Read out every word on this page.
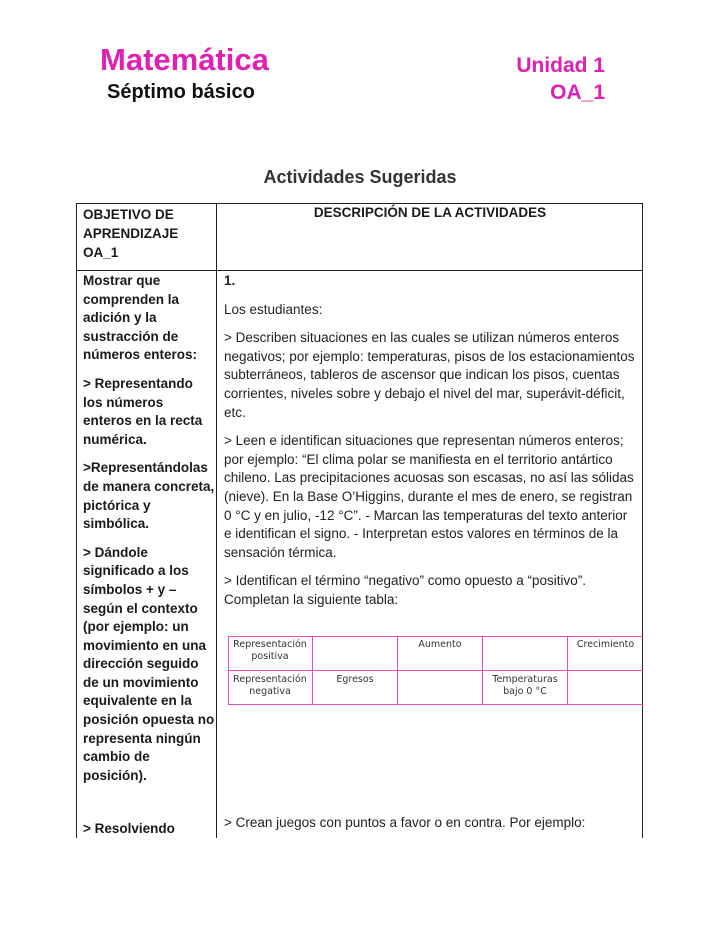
Matemática
Séptimo básico
Unidad 1
OA_1
Actividades Sugeridas
OBJETIVO DE
APRENDIZAJE
OA_1
DESCRIPCIÓN DE LA ACTIVIDADES

Mostrar que comprenden la adición y la sustracción de números enteros:

> Representando los números enteros en la recta numérica.

>Representándolas de manera concreta, pictórica y simbólica.

> Dándole significado a los símbolos + y – según el contexto (por ejemplo: un movimiento en una dirección seguido de un movimiento equivalente en la posición opuesta no representa ningún cambio de posición).

> Resolviendo

1.

Los estudiantes:

> Describen situaciones en las cuales se utilizan números enteros negativos; por ejemplo: temperaturas, pisos de los estacionamientos subterráneos, tableros de ascensor que indican los pisos, cuentas corrientes, niveles sobre y debajo el nivel del mar, superávit-déficit, etc.

> Leen e identifican situaciones que representan números enteros; por ejemplo: “El clima polar se manifiesta en el territorio antártico chileno. Las precipitaciones acuosas son escasas, no así las sólidas (nieve). En la Base O’Higgins, durante el mes de enero, se registran 0 °C y en julio, -12 °C”. - Marcan las temperaturas del texto anterior e identifican el signo. - Interpretan estos valores en términos de la sensación térmica.

> Identifican el término “negativo” como opuesto a “positivo”. Completan la siguiente tabla:

Representación positiva
Aumento	Crecimiento
Representación negativa
Egresos	Temperaturas bajo 0 °C
> Crean juegos con puntos a favor o en contra. Por ejemplo:
